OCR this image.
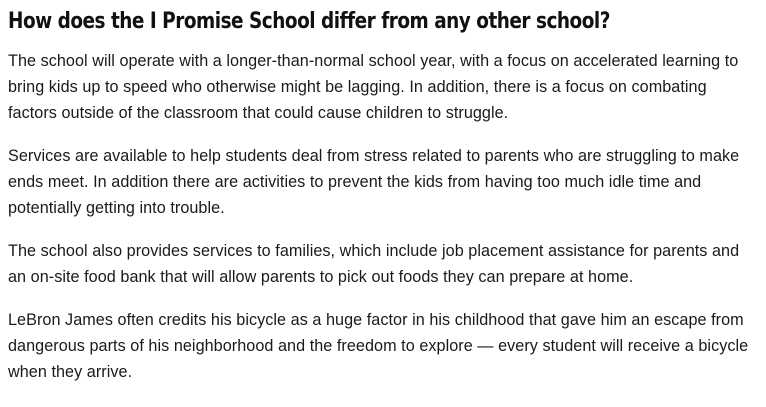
How does the I Promise School differ from any other school?

The school will operate with a longer-than-normal school year, with a focus on accelerated learning to bring kids up to speed who otherwise might be lagging. In addition, there is a focus on combating factors outside of the classroom that could cause children to struggle.

Services are available to help students deal from stress related to parents who are struggling to make ends meet. In addition there are activities to prevent the kids from having too much idle time and potentially getting into trouble.

The school also provides services to families, which include job placement assistance for parents and an on-site food bank that will allow parents to pick out foods they can prepare at home.

LeBron James often credits his bicycle as a huge factor in his childhood that gave him an escape from dangerous parts of his neighborhood and the freedom to explore — every student will receive a bicycle when they arrive.
